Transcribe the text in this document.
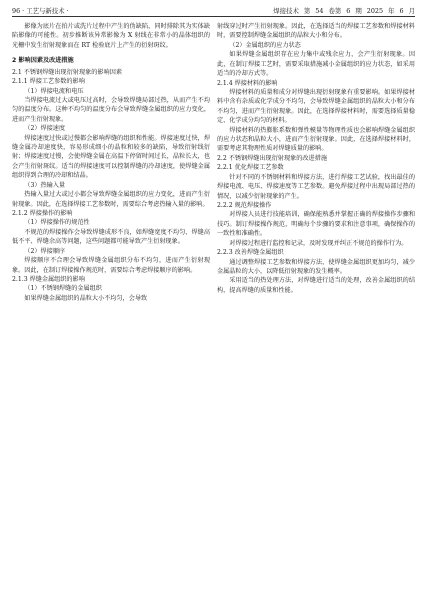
96 · 工艺与新技术 ·	焊接技术 第 54 卷第 6 期 2025 年 6 月
影像为底片在拍片或洗片过程中产生的伪缺陷，同时排除其为实体缺陷影像的可能性。初步推断该异常影像为 X 射线在非常小的晶体组织的光栅中发生衍射现象而在 RT 检验底片上产生的衍射斑纹。
2 影响因素及改进措施
2.1 不锈钢焊缝出现衍射现象的影响因素
2.1.1 焊接工艺参数的影响
（1）焊接电流和电压
当焊接电流过大或电压过高时，会导致焊缝局部过热，从而产生不均匀的温度分布。这种不均匀的温度分布会导致焊缝金属组织的应力变化，进而产生衍射现象。
（2）焊接速度
焊接速度过快或过慢都会影响焊缝的组织和性能。焊接速度过快，焊缝金属冷却速度快，容易形成细小的晶粒和较多的缺陷，导致衍射线衍射；焊接速度过慢，会使焊缝金属在高温下停留时间过长，晶粒长大，也会产生衍射斑纹。适当的焊接速度可以控制焊缝的冷却速度，使焊缝金属组织得到合理的冷却和结晶。
（3）热输入量
热输入量过大或过小都会导致焊缝金属组织的应力变化，进而产生衍射现象。因此，在选择焊接工艺参数时，需要综合考虑热输入量的影响。
2.1.2 焊接操作的影响
（1）焊接操作的规范性
不规范的焊接操作会导致焊缝成形不良，如焊缝宽度不均匀、焊缝高低不平、焊缝余高等问题，这些问题都可能导致产生衍射现象。
（2）焊接顺序
焊接顺序不合理会导致焊缝金属组织分布不均匀，进而产生衍射现象。因此，在制订焊接操作规范时，需要综合考虑焊接顺序的影响。
2.1.3 焊缝金属组织的影响
（1）不锈钢焊缝的金属组织
如果焊缝金属组织的晶粒大小不均匀，会导致
射线穿过时产生衍射现象。因此，在选择适当的焊接工艺参数和焊接材料时，需要控制焊缝金属组织的晶粒大小和分布。
（2）金属组织的应力状态
如果焊缝金属组织存在应力集中或残余应力，会产生衍射现象。因此，在制订焊接工艺时，需要采取措施减小金属组织的应力状态，如采用适当的冷却方式等。
2.1.4 焊接材料的影响
焊接材料的质量和成分对焊缝出现衍射现象有重要影响。如果焊接材料中含有杂质或化学成分不均匀，会导致焊缝金属组织的晶粒大小和分布不均匀，进而产生衍射现象。因此，在选择焊接材料时，需要选择质量稳定、化学成分均匀的材料。
焊接材料的热膨胀系数和弹性模量等物理性质也会影响焊缝金属组织的应力状态和晶粒大小，进而产生衍射现象。因此，在选择焊接材料时，需要考虑其物理性质对焊缝质量的影响。
2.2 不锈钢焊缝出现衍射现象的改进措施
2.2.1 优化焊接工艺参数
针对不同的不锈钢材料和焊接方法，进行焊接工艺试验，找出最佳的焊接电流、电压、焊接速度等工艺参数。避免焊接过程中出现局部过热的情况，以减少衍射现象的产生。
2.2.2 规范焊接操作
对焊接人员进行技能培训，确保能熟悉并掌握正确的焊接操作步骤和技巧。制订焊接操作规范，明确每个步骤的要求和注意事项，确保操作的一致性和准确性。
对焊接过程进行监控和记录，及时发现并纠正不规范的操作行为。
2.2.3 改善焊缝金属组织
通过调整焊接工艺参数和焊接方法，使焊缝金属组织更加均匀，减少金属晶粒的大小，以降低衍射现象的发生概率。
采用适当的热处理方法，对焊缝进行适当的处理，改善金属组织的结构，提高焊缝的质量和性能。
